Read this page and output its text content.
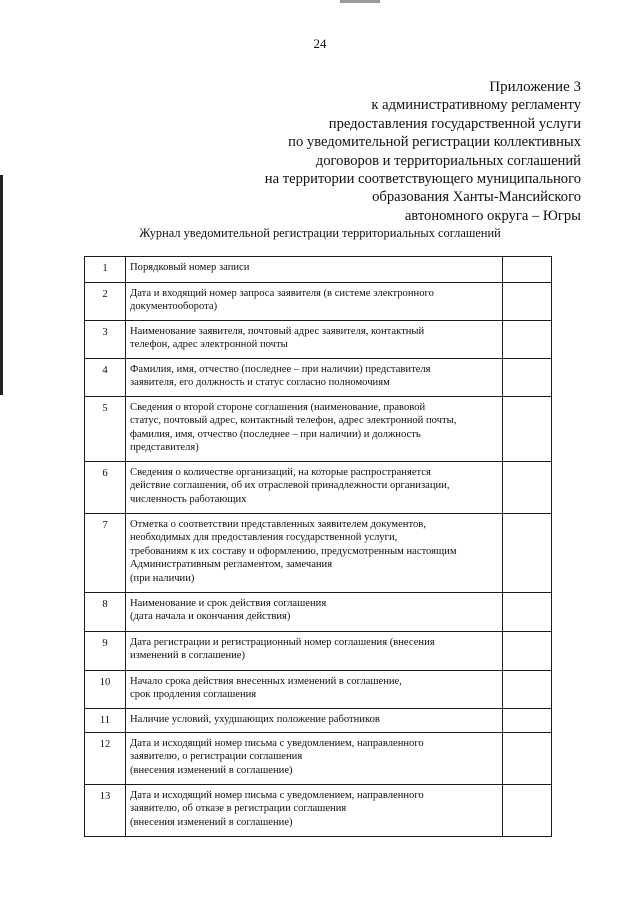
24
Приложение 3
к административному регламенту
предоставления государственной услуги
по уведомительной регистрации коллективных
договоров и территориальных соглашений
на территории соответствующего муниципального
образования Ханты-Мансийского
автономного округа – Югры
Журнал уведомительной регистрации территориальных соглашений
1	Порядковый номер записи	

2	Дата и входящий номер запроса заявителя (в системе электронного
документооборота)	

3	Наименование заявителя, почтовый адрес заявителя, контактный
телефон, адрес электронной почты	

4	Фамилия, имя, отчество (последнее – при наличии) представителя
заявителя, его должность и статус согласно полномочиям	

5	Сведения о второй стороне соглашения (наименование, правовой
статус, почтовый адрес, контактный телефон, адрес электронной почты,
фамилия, имя, отчество (последнее – при наличии) и должность
представителя)	

6	Сведения о количестве организаций, на которые распространяется
действие соглашения, об их отраслевой принадлежности организации,
численность работающих	

7	Отметка о соответствии представленных заявителем документов,
необходимых для предоставления государственной услуги,
требованиям к их составу и оформлению, предусмотренным настоящим
Административным регламентом, замечания
(при наличии)	

8	Наименование и срок действия соглашения
(дата начала и окончания действия)	

9	Дата регистрации и регистрационный номер соглашения (внесения
изменений в соглашение)	

10	Начало срока действия внесенных изменений в соглашение,
срок продления соглашения	

11	Наличие условий, ухудшающих положение работников	

12	Дата и исходящий номер письма с уведомлением, направленного
заявителю, о регистрации соглашения
(внесения изменений в соглашение)	

13	Дата и исходящий номер письма с уведомлением, направленного
заявителю, об отказе в регистрации соглашения
(внесения изменений в соглашение)	
